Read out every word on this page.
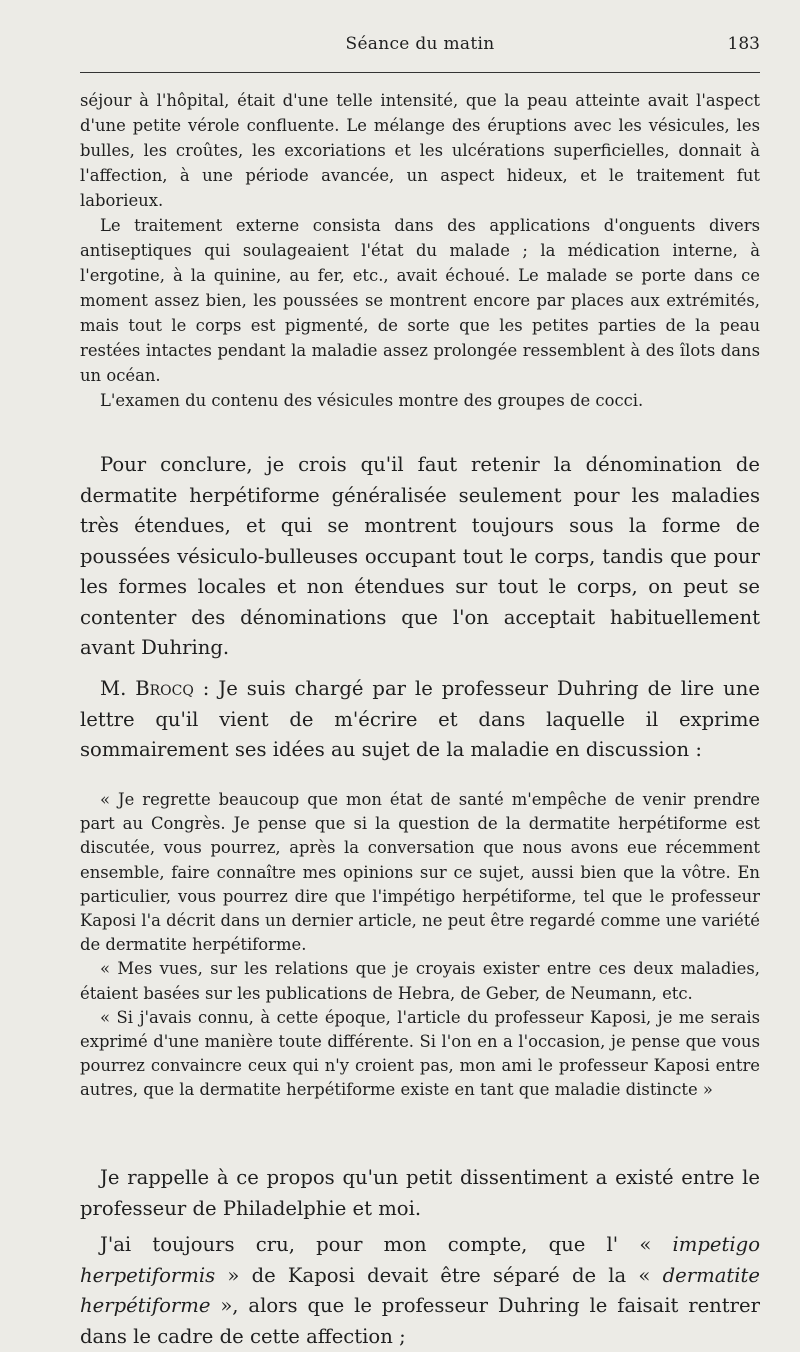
Séance du matin	183

séjour à l'hôpital, était d'une telle intensité, que la peau atteinte avait l'aspect d'une petite vérole confluente. Le mélange des éruptions avec les vésicules, les bulles, les croûtes, les excoriations et les ulcérations superficielles, donnait à l'affection, à une période avancée, un aspect hideux, et le traitement fut laborieux.

Le traitement externe consista dans des applications d'onguents divers antiseptiques qui soulageaient l'état du malade ; la médication interne, à l'ergotine, à la quinine, au fer, etc., avait échoué. Le malade se porte dans ce moment assez bien, les poussées se montrent encore par places aux extrémités, mais tout le corps est pigmenté, de sorte que les petites parties de la peau restées intactes pendant la maladie assez prolongée ressemblent à des îlots dans un océan.

L'examen du contenu des vésicules montre des groupes de cocci.

Pour conclure, je crois qu'il faut retenir la dénomination de dermatite herpétiforme généralisée seulement pour les maladies très étendues, et qui se montrent toujours sous la forme de poussées vésiculo-bulleuses occupant tout le corps, tandis que pour les formes locales et non étendues sur tout le corps, on peut se contenter des dénominations que l'on acceptait habituellement avant Duhring.

M. Brocq : Je suis chargé par le professeur Duhring de lire une lettre qu'il vient de m'écrire et dans laquelle il exprime sommairement ses idées au sujet de la maladie en discussion :

« Je regrette beaucoup que mon état de santé m'empêche de venir prendre part au Congrès. Je pense que si la question de la dermatite herpétiforme est discutée, vous pourrez, après la conversation que nous avons eue récemment ensemble, faire connaître mes opinions sur ce sujet, aussi bien que la vôtre. En particulier, vous pourrez dire que l'impétigo herpétiforme, tel que le professeur Kaposi l'a décrit dans un dernier article, ne peut être regardé comme une variété de dermatite herpétiforme.

« Mes vues, sur les relations que je croyais exister entre ces deux maladies, étaient basées sur les publications de Hebra, de Geber, de Neumann, etc.

« Si j'avais connu, à cette époque, l'article du professeur Kaposi, je me serais exprimé d'une manière toute différente. Si l'on en a l'occasion, je pense que vous pourrez convaincre ceux qui n'y croient pas, mon ami le professeur Kaposi entre autres, que la dermatite herpétiforme existe en tant que maladie distincte »

Je rappelle à ce propos qu'un petit dissentiment a existé entre le professeur de Philadelphie et moi.

J'ai toujours cru, pour mon compte, que l' « impetigo herpetiformis » de Kaposi devait être séparé de la « dermatite herpétiforme », alors que le professeur Duhring le faisait rentrer dans le cadre de cette affection ;
